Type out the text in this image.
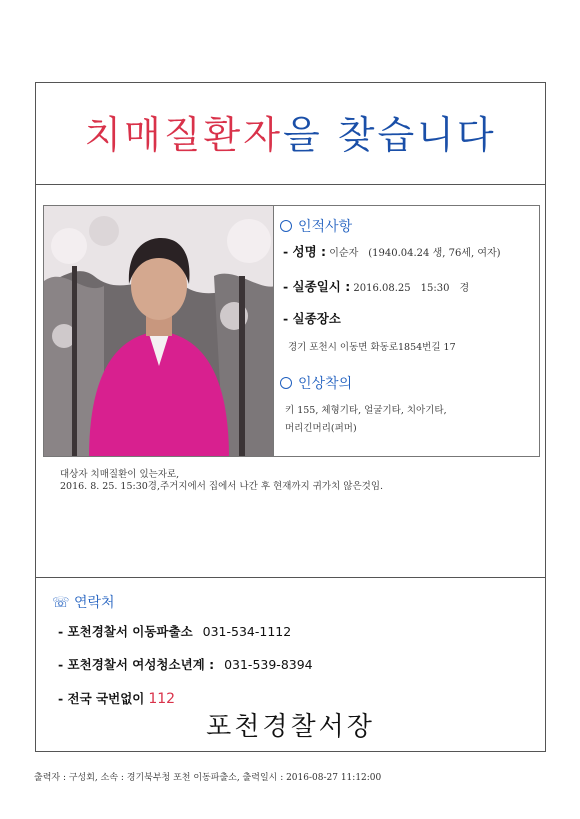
치매질환자을 찾습니다
인적사항
- 성명 : 이순자　(1940.04.24 생, 76세, 여자)
- 실종일시 : 2016.08.25　15:30　경
- 실종장소
경기 포천시 이동면 화동로1854번길 17
인상착의
키 155, 체형기타, 얼굴기타, 치아기타,
머리긴머리(퍼머)
대상자 치매질환이 있는자로,
2016. 8. 25. 15:30경,주거지에서 집에서 나간 후 현재까지 귀가치 않은것임.
☏ 연락처
- 포천경찰서 이동파출소 031-534-1112
- 포천경찰서 여성청소년계 : 031-539-8394
- 전국 국번없이 112
포천경찰서장
출력자 : 구성회, 소속 : 경기북부청 포천 이동파출소, 출력일시 : 2016-08-27 11:12:00
